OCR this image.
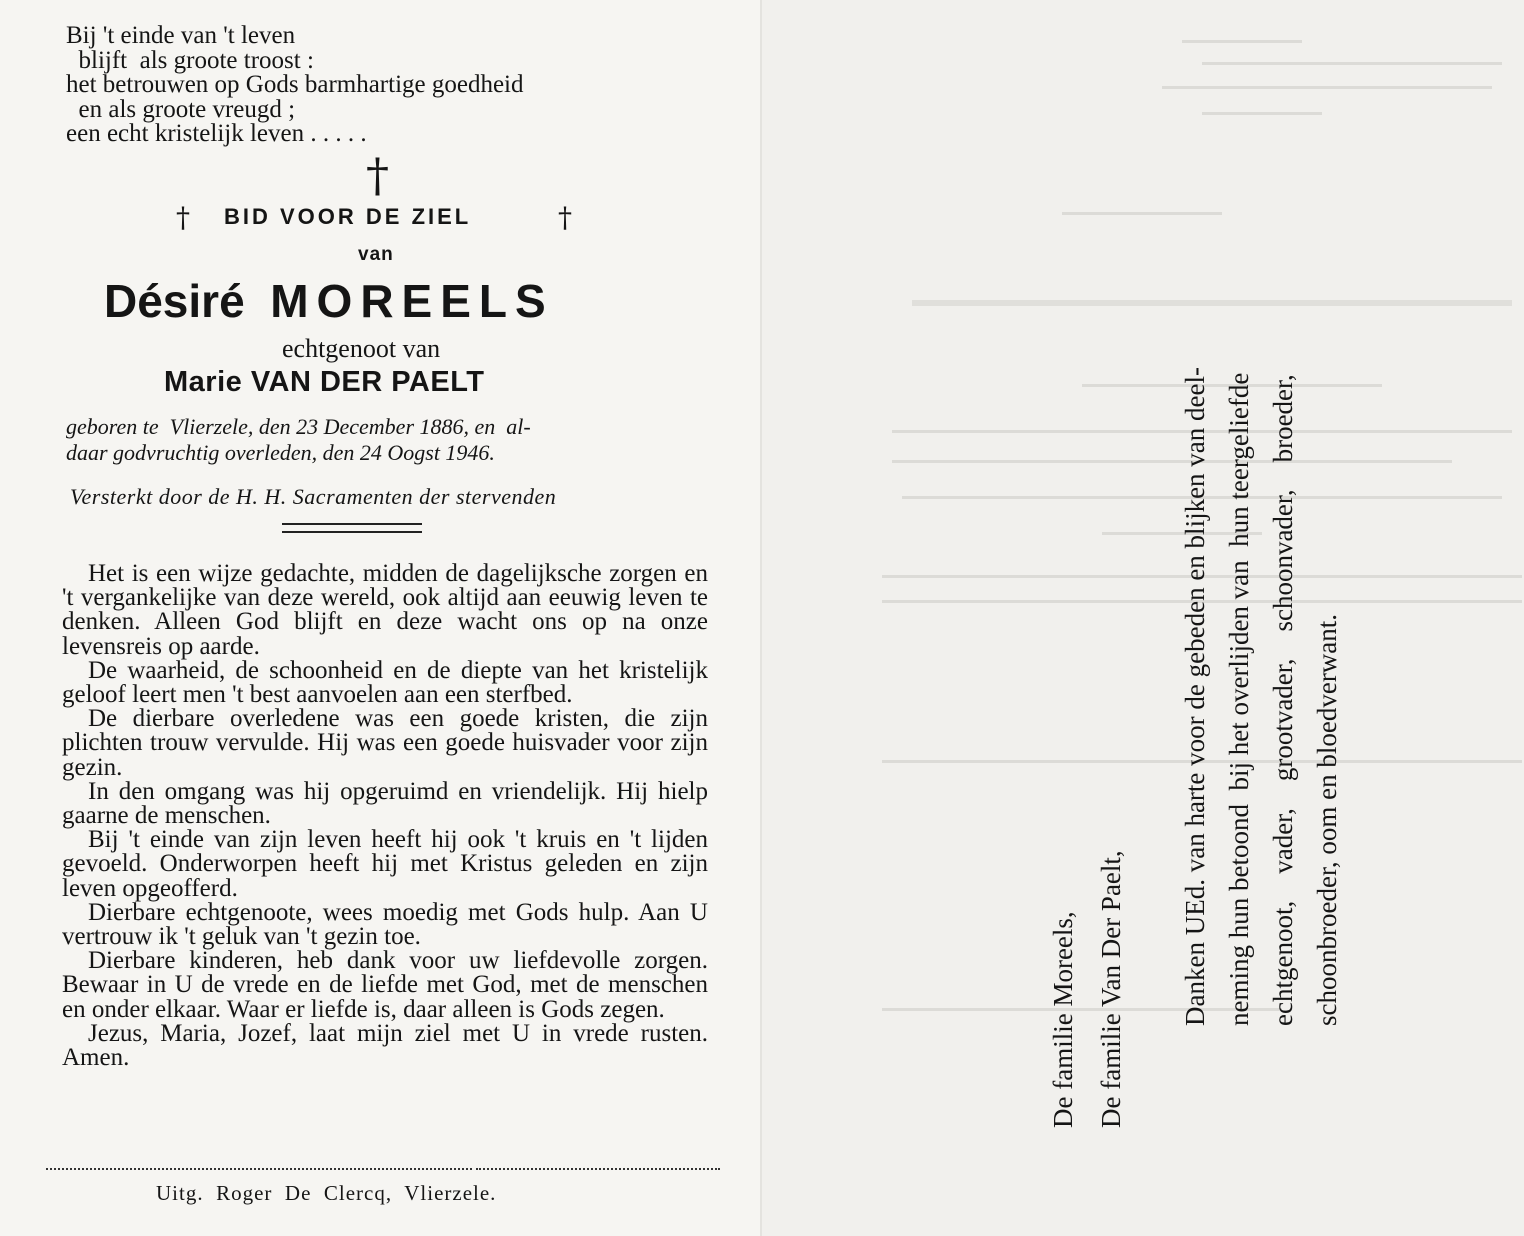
Bij 't einde van 't leven
blijft  als groote troost :
het betrouwen op Gods barmhartige goedheid
en als groote vreugd ;
een echt kristelijk leven . . . . .
†
† BID VOOR DE ZIEL	†
van
Désiré MOREELS
echtgenoot van
Marie VAN DER PAELT
geboren te  Vlierzele, den 23 December 1886, en  al-
daar godvruchtig overleden, den 24 Oogst 1946.
Versterkt door de H. H. Sacramenten der stervenden
Het is een wijze gedachte, midden de dagelijksche zorgen en 't vergankelijke van deze wereld, ook altijd aan eeuwig leven te denken. Alleen God blijft en deze wacht ons op na onze levensreis op aarde.
De waarheid, de schoonheid en de diepte van het kristelijk geloof leert men 't best aanvoelen aan een sterfbed.
De dierbare overledene was een goede kristen, die zijn plichten trouw vervulde. Hij was een goede huisvader voor zijn gezin.
In den omgang was hij opgeruimd en vriendelijk. Hij hielp gaarne de menschen.
Bij 't einde van zijn leven heeft hij ook 't kruis en 't lijden gevoeld. Onderworpen heeft hij met Kristus geleden en zijn leven opgeofferd.
Dierbare echtgenoote, wees moedig met Gods hulp. Aan U vertrouw ik 't geluk van 't gezin toe.
Dierbare kinderen, heb dank voor uw liefdevolle zorgen. Bewaar in U de vrede en de liefde met God, met de menschen en onder elkaar. Waar er liefde is, daar alleen is Gods zegen.
Jezus, Maria, Jozef, laat mijn ziel met U in vrede rusten. Amen.
Uitg.  Roger  De  Clercq,  Vlierzele.
De familie Moreels, De familie Van Der Paelt, Danken UEd. van harte voor de gebeden en blijken van deel- neming hun betoond  bij het overlijden van  hun teergeliefde echtgenoot,    vader,    grootvader,    schoonvader,    broeder, schoonbroeder, oom en bloedverwant.
